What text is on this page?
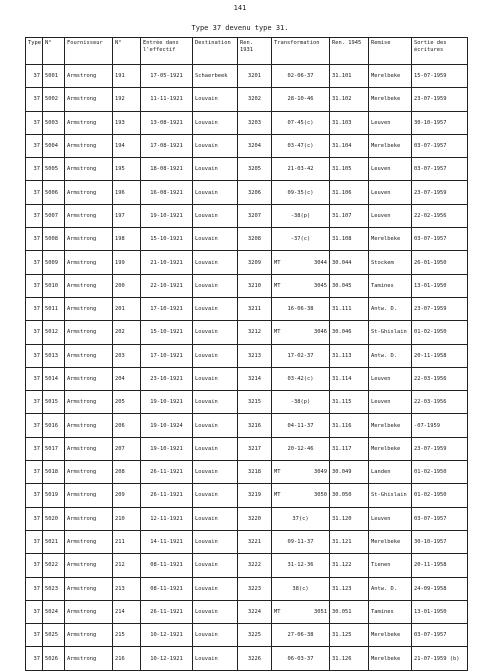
141
Type 37 devenu type 31.
Type	N°	Fournisseur	N°	Entrée dans l'effectif	Destination	Ren. 1931	Transformation	Ren. 1945	Remise	Sortie des écritures
37	5001	Armstrong	191	17-05-1921	Schaerbeek	3201	02-06-37	31.101	Merelbeke	15-07-1959
37	5002	Armstrong	192	11-11-1921	Louvain	3202	28-10-46	31.102	Merelbeke	23-07-1959
37	5003	Armstrong	193	13-08-1921	Louvain	3203	07-45(c)	31.103	Leuven	30-10-1957
37	5004	Armstrong	194	17-08-1921	Louvain	3204	03-47(c)	31.104	Merelbeke	03-07-1957
37	5005	Armstrong	195	18-08-1921	Louvain	3205	21-03-42	31.105	Leuven	03-07-1957
37	5006	Armstrong	196	16-08-1921	Louvain	3206	09-35(c)	31.106	Leuven	23-07-1959
37	5007	Armstrong	197	19-10-1921	Louvain	3207	-38(p)	31.107	Leuven	22-02-1956
37	5008	Armstrong	198	15-10-1921	Louvain	3208	-37(c)	31.108	Merelbeke	03-07-1957
37	5009	Armstrong	199	21-10-1921	Louvain	3209	MT 3044	30.044	Stockem	26-01-1950
37	5010	Armstrong	200	22-10-1921	Louvain	3210	MT 3045	30.045	Tamines	13-01-1950
37	5011	Armstrong	201	17-10-1921	Louvain	3211	16-06-38	31.111	Antw. D.	23-07-1959
37	5012	Armstrong	202	15-10-1921	Louvain	3212	MT 3046	30.046	St-Ghislain	01-02-1950
37	5013	Armstrong	203	17-10-1921	Louvain	3213	17-02-37	31.113	Antw. D.	20-11-1958
37	5014	Armstrong	204	23-10-1921	Louvain	3214	03-42(c)	31.114	Leuven	22-03-1956
37	5015	Armstrong	205	19-10-1921	Louvain	3215	-38(p)	31.115	Leuven	22-03-1956
37	5016	Armstrong	206	19-10-1924	Louvain	3216	04-11-37	31.116	Merelbeke	-07-1959
37	5017	Armstrong	207	19-10-1921	Louvain	3217	20-12-46	31.117	Merelbeke	23-07-1959
37	5018	Armstrong	208	26-11-1921	Louvain	3218	MT 3049	30.049	Landen	01-02-1950
37	5019	Armstrong	209	26-11-1921	Louvain	3219	MT 3050	30.050	St-Ghislain	01-02-1950
37	5020	Armstrong	210	12-11-1921	Louvain	3220	37(c)	31.120	Leuven	03-07-1957
37	5021	Armstrong	211	14-11-1921	Louvain	3221	09-11-37	31.121	Merelbeke	30-10-1957
37	5022	Armstrong	212	08-11-1921	Louvain	3222	31-12-36	31.122	Tienen	20-11-1958
37	5023	Armstrong	213	08-11-1921	Louvain	3223	38(c)	31.123	Antw. D.	24-09-1958
37	5024	Armstrong	214	26-11-1921	Louvain	3224	MT 3051	30.051	Tamines	13-01-1950
37	5025	Armstrong	215	10-12-1921	Louvain	3225	27-06-38	31.125	Merelbeke	03-07-1957
37	5026	Armstrong	216	10-12-1921	Louvain	3226	06-03-37	31.126	Merelbeke	21-07-1959 (b)
